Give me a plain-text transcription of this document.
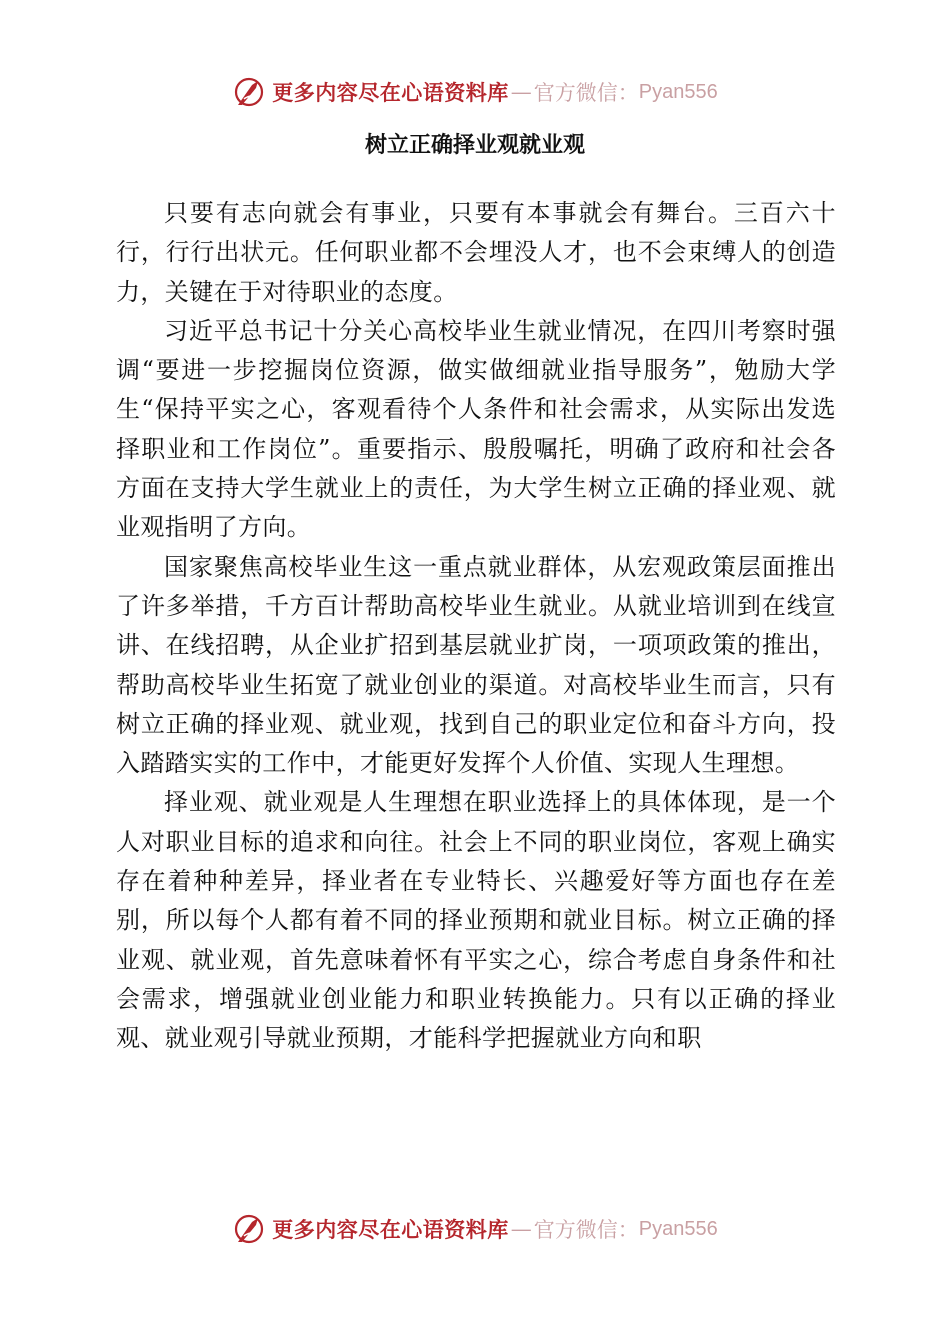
更多内容尽在心语资料库 — 官方微信： Pyan556
树立正确择业观就业观

只要有志向就会有事业，只要有本事就会有舞台。三百六十行，行行出状元。任何职业都不会埋没人才，也不会束缚人的创造力，关键在于对待职业的态度。

习近平总书记十分关心高校毕业生就业情况，在四川考察时强调“要进一步挖掘岗位资源，做实做细就业指导服务”，勉励大学生“保持平实之心，客观看待个人条件和社会需求，从实际出发选择职业和工作岗位”。重要指示、殷殷嘱托，明确了政府和社会各方面在支持大学生就业上的责任，为大学生树立正确的择业观、就业观指明了方向。

国家聚焦高校毕业生这一重点就业群体，从宏观政策层面推出了许多举措，千方百计帮助高校毕业生就业。从就业培训到在线宣讲、在线招聘，从企业扩招到基层就业扩岗，一项项政策的推出，帮助高校毕业生拓宽了就业创业的渠道。对高校毕业生而言，只有树立正确的择业观、就业观，找到自己的职业定位和奋斗方向，投入踏踏实实的工作中，才能更好发挥个人价值、实现人生理想。

择业观、就业观是人生理想在职业选择上的具体体现，是一个人对职业目标的追求和向往。社会上不同的职业岗位，客观上确实存在着种种差异，择业者在专业特长、兴趣爱好等方面也存在差别，所以每个人都有着不同的择业预期和就业目标。树立正确的择业观、就业观，首先意味着怀有平实之心，综合考虑自身条件和社会需求，增强就业创业能力和职业转换能力。只有以正确的择业观、就业观引导就业预期，才能科学把握就业方向和职

更多内容尽在心语资料库 — 官方微信： Pyan556
